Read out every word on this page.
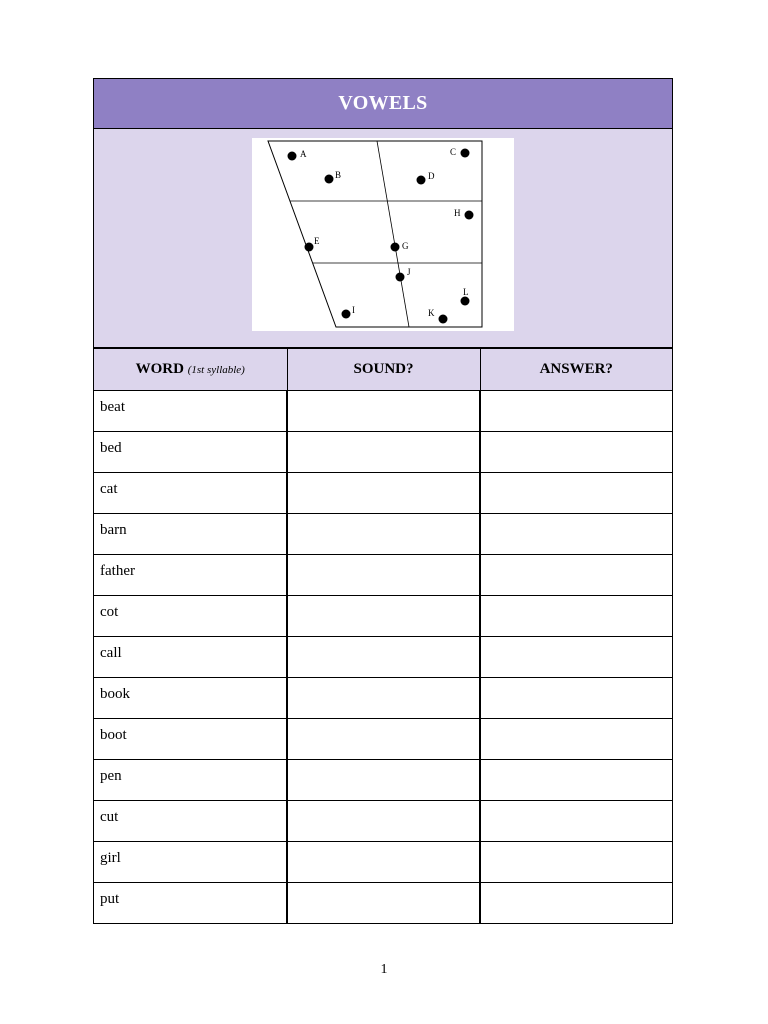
VOWELS
A
B
C
D
H
E	G
J
L
I	K
WORD (1st syllable)	SOUND?	ANSWER?
beat		
bed		
cat		
barn		
father		
cot		
call		
book		
boot		
pen		
cut		
girl		
put		
1
